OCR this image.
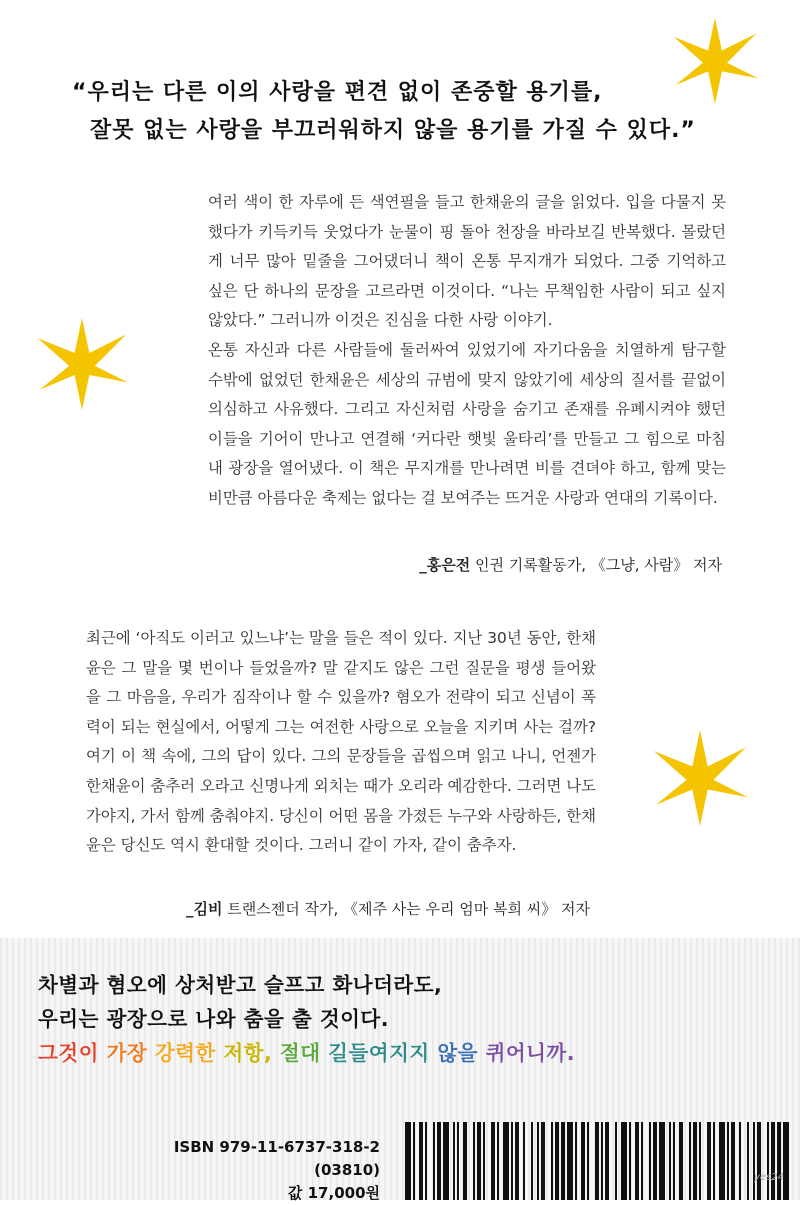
“우리는 다른 이의 사랑을 편견 없이 존중할 용기를,
잘못 없는 사랑을 부끄러워하지 않을 용기를 가질 수 있다.”

여러 색이 한 자루에 든 색연필을 들고 한채윤의 글을 읽었다. 입을 다물지 못했다가 키득키득 웃었다가 눈물이 핑 돌아 천장을 바라보길 반복했다. 몰랐던 게 너무 많아 밑줄을 그어댔더니 책이 온통 무지개가 되었다. 그중 기억하고 싶은 단 하나의 문장을 고르라면 이것이다. “나는 무책임한 사람이 되고 싶지 않았다.” 그러니까 이것은 진심을 다한 사랑 이야기.

온통 자신과 다른 사람들에 둘러싸여 있었기에 자기다움을 치열하게 탐구할 수밖에 없었던 한채윤은 세상의 규범에 맞지 않았기에 세상의 질서를 끝없이 의심하고 사유했다. 그리고 자신처럼 사랑을 숨기고 존재를 유폐시켜야 했던 이들을 기어이 만나고 연결해 ‘커다란 햇빛 울타리’를 만들고 그 힘으로 마침내 광장을 열어냈다. 이 책은 무지개를 만나려면 비를 견뎌야 하고, 함께 맞는 비만큼 아름다운 축제는 없다는 걸 보여주는 뜨거운 사랑과 연대의 기록이다.

_홍은전 인권 기록활동가, 《그냥, 사람》 저자

최근에 ‘아직도 이러고 있느냐’는 말을 들은 적이 있다. 지난 30년 동안, 한채윤은 그 말을 몇 번이나 들었을까? 말 같지도 않은 그런 질문을 평생 들어왔을 그 마음을, 우리가 짐작이나 할 수 있을까? 혐오가 전략이 되고 신념이 폭력이 되는 현실에서, 어떻게 그는 여전한 사랑으로 오늘을 지키며 사는 걸까? 여기 이 책 속에, 그의 답이 있다. 그의 문장들을 곱씹으며 읽고 나니, 언젠가 한채윤이 춤추러 오라고 신명나게 외치는 때가 오리라 예감한다. 그러면 나도 가야지, 가서 함께 춤춰야지. 당신이 어떤 몸을 가졌든 누구와 사랑하든, 한채윤은 당신도 역시 환대할 것이다. 그러니 같이 가자, 같이 춤추자.

_김비 트랜스젠더 작가, 《제주 사는 우리 엄마 복희 씨》 저자
차별과 혐오에 상처받고 슬프고 화나더라도,
우리는 광장으로 나와 춤을 출 것이다.
그것이 가장 강력한 저항, 절대 길들여지지 않을 퀴어니까.
ISBN 979-11-6737-318-2 (03810)
값 17,000원
yes24
